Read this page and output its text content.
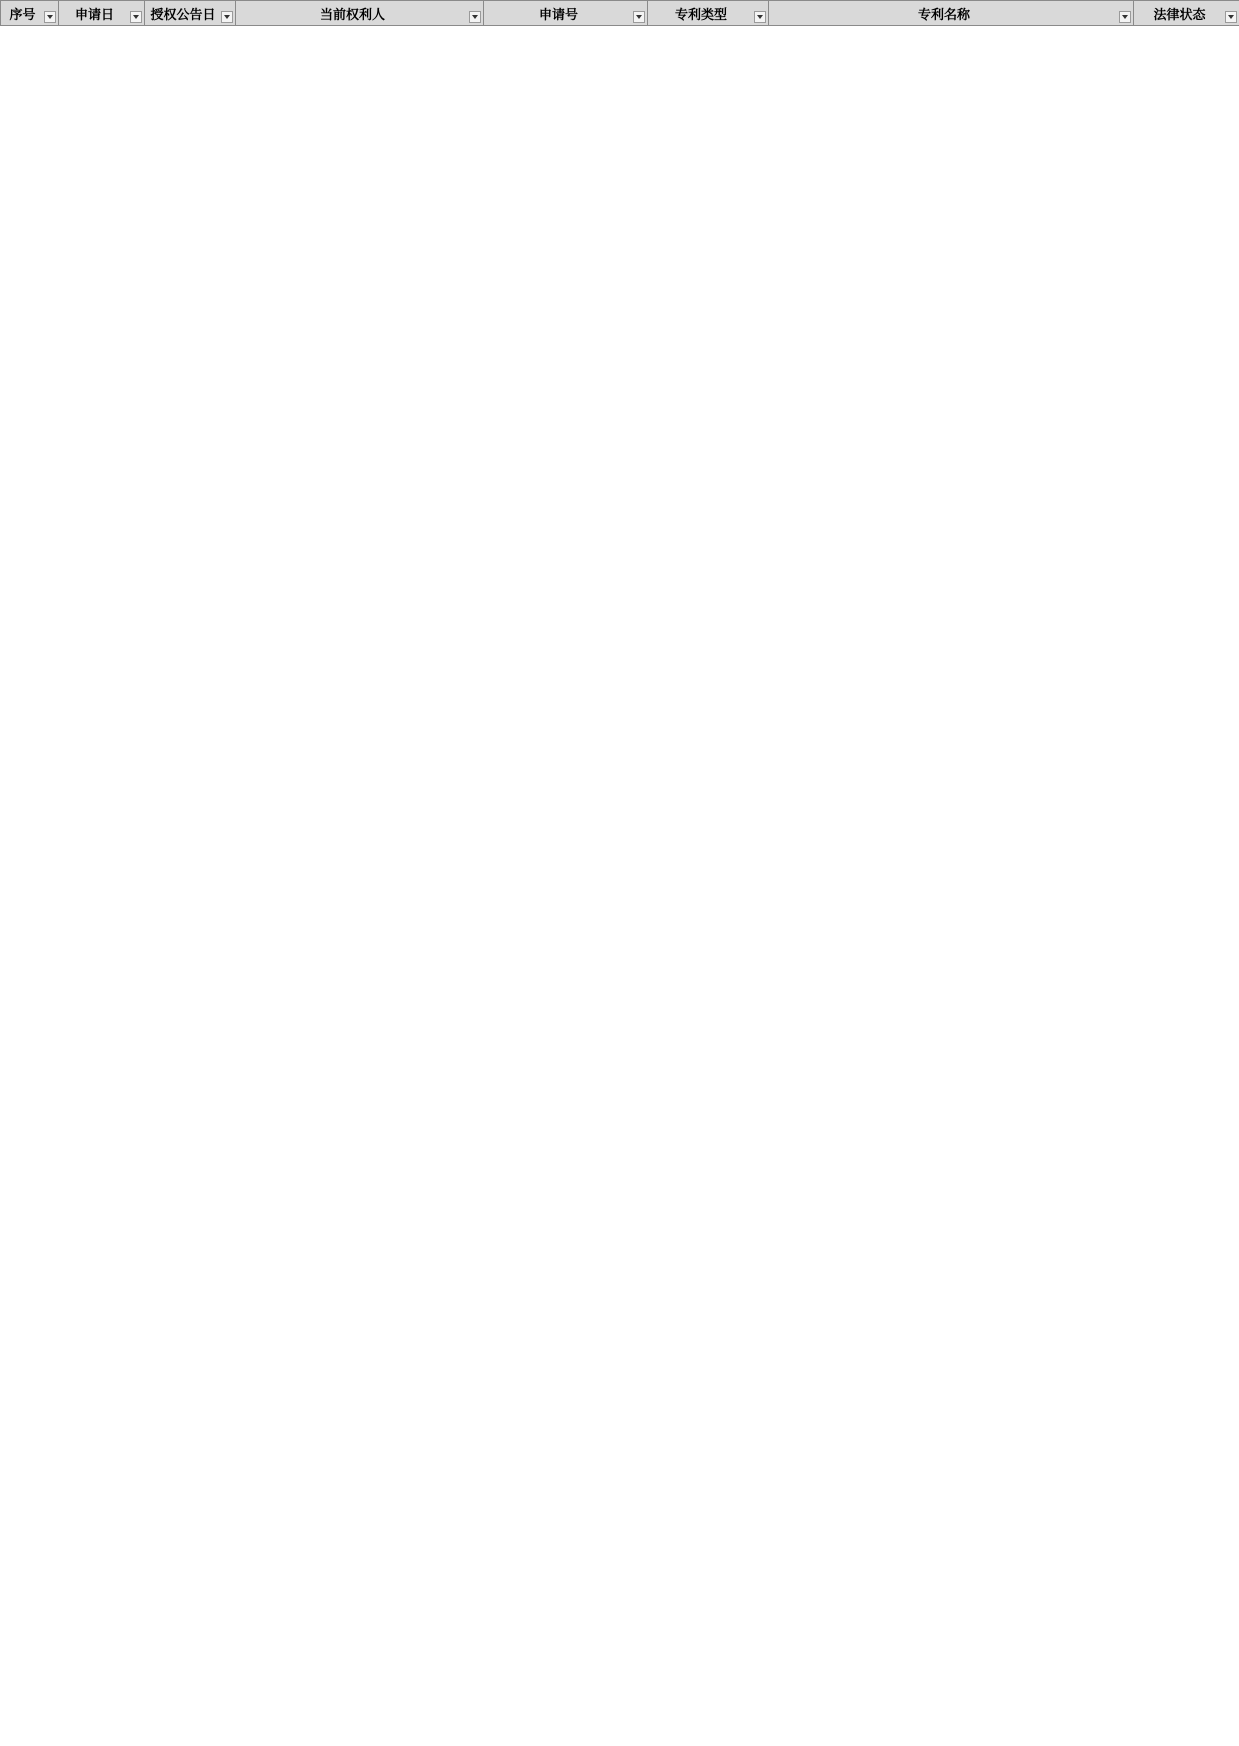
序号	申请日	授权公告日	当前权利人	申请号	专利类型	专利名称	法律状态
